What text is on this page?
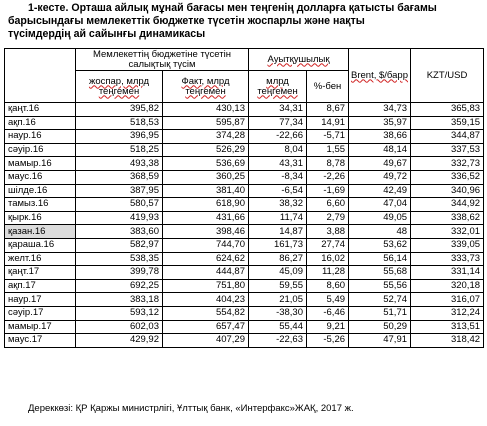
1-кесте. Орташа айлық мұнай бағасы мен теңгенің долларға қатысты бағамы
барысындағы мемлекеттік бюджетке түсетін жоспарлы және нақты
түсімдердің ай сайынғы динамикасы
	Мемлекеттің бюджетіне түсетін салықтық түсім		Ауытқушылық		Brent, $/барр	KZT/USD
	жоспар, млрд теңгемен	Факт, млрд теңгемен	млрд теңгемен	%-бен		
қаңт.16	395,82	430,13	34,31	8,67	34,73	365,83
ақп.16	518,53	595,87	77,34	14,91	35,97	359,15
наур.16	396,95	374,28	-22,66	-5,71	38,66	344,87
сәуір.16	518,25	526,29	8,04	1,55	48,14	337,53
мамыр.16	493,38	536,69	43,31	8,78	49,67	332,73
маус.16	368,59	360,25	-8,34	-2,26	49,72	336,52
шілде.16	387,95	381,40	-6,54	-1,69	42,49	340,96
тамыз.16	580,57	618,90	38,32	6,60	47,04	344,92
қырк.16	419,93	431,66	11,74	2,79	49,05	338,62
қазан.16	383,60	398,46	14,87	3,88	48	332,01
қараша.16	582,97	744,70	161,73	27,74	53,62	339,05
желт.16	538,35	624,62	86,27	16,02	56,14	333,73
қаңт.17	399,78	444,87	45,09	11,28	55,68	331,14
ақп.17	692,25	751,80	59,55	8,60	55,56	320,18
наур.17	383,18	404,23	21,05	5,49	52,74	316,07
сәуір.17	593,12	554,82	-38,30	-6,46	51,71	312,24
мамыр.17	602,03	657,47	55,44	9,21	50,29	313,51
маус.17	429,92	407,29	-22,63	-5,26	47,91	318,42
Дереккөзі: ҚР Қаржы министрлігі, Ұлттық банк, «Интерфакс»ЖАҚ, 2017 ж.
